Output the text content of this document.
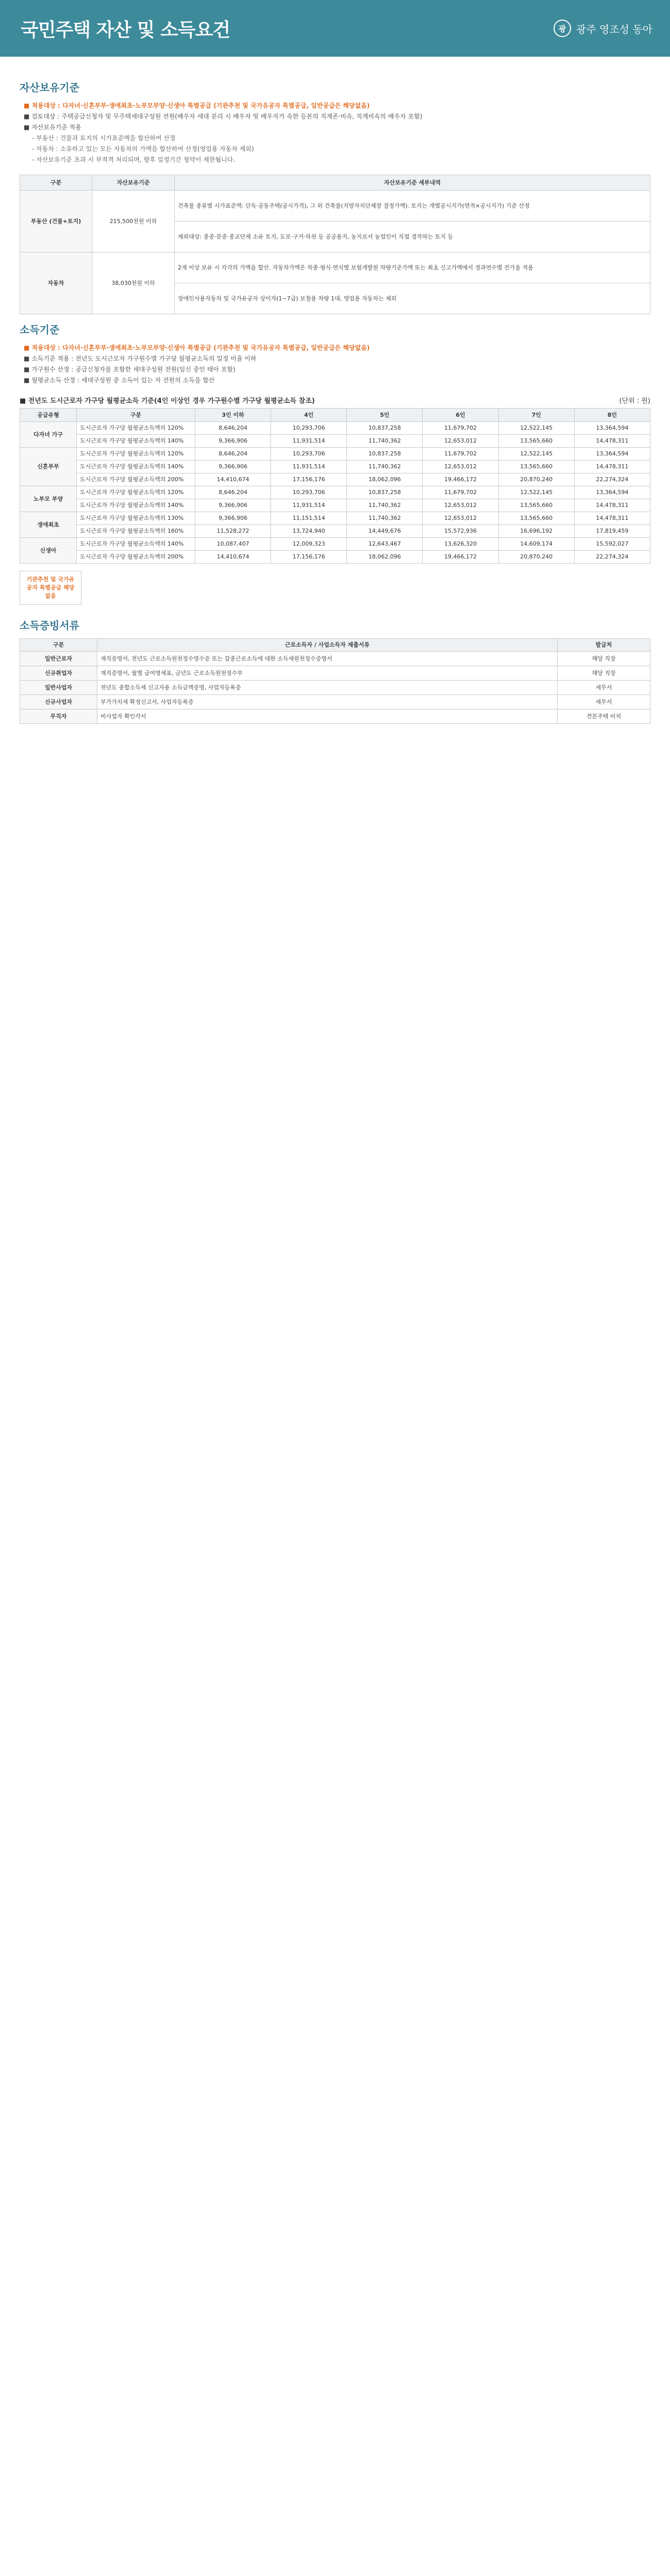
국민주택 자산 및 소득요건	광 광주 영조성 동아
자산보유기준
■ 적용대상 : 다자녀·신혼부부·생애최초·노부모부양·신생아 특별공급 (기관추천 및 국가유공자 특별공급, 일반공급은 해당없음)
■ 검토대상 : 주택공급신청자 및 무주택세대구성원 전원(배우자 세대 분리 시 배우자 및 배우자가 속한 등본의 직계존·비속, 직계비속의 배우자 포함)
■ 자산보유기준 적용
- 부동산 : 건물과 토지의 시가표준액을 합산하여 산정
- 자동차 : 소유하고 있는 모든 자동차의 가액을 합산하여 산정(영업용 자동차 제외)
- 자산보유기준 초과 시 부적격 처리되며, 향후 일정기간 청약이 제한됩니다.
구분	자산보유기준	자산보유기준 세부내역
부동산 (건물+토지)	215,500천원 이하	건축물 종류별 시가표준액: 단독·공동주택(공시가격), 그 외 건축물(지방자치단체장 결정가액). 토지는 개별공시지가(면적×공시지가) 기준 산정
		제외대상: 종중·문중·종교단체 소유 토지, 도로·구거·하천 등 공공용지, 농지로서 농업인이 직접 경작하는 토지 등
자동차	38,030천원 이하	2개 이상 보유 시 각각의 가액을 합산. 자동차가액은 차종·형식·연식별 보험개발원 차량기준가액 또는 최초 신고가액에서 경과연수별 잔가율 적용
		장애인사용자동차 및 국가유공자 상이자(1~7급) 보철용 차량 1대, 영업용 자동차는 제외
소득기준
■ 적용대상 : 다자녀·신혼부부·생애최초·노부모부양·신생아 특별공급 (기관추천 및 국가유공자 특별공급, 일반공급은 해당없음)
■ 소득기준 적용 : 전년도 도시근로자 가구원수별 가구당 월평균소득의 일정 비율 이하
■ 가구원수 산정 : 공급신청자를 포함한 세대구성원 전원(임신 중인 태아 포함)
■ 월평균소득 산정 : 세대구성원 중 소득이 있는 자 전원의 소득을 합산
■ 전년도 도시근로자 가구당 월평균소득 기준(4인 이상인 경우 가구원수별 가구당 월평균소득 참조)	(단위 : 원)
공급유형	구분	3인 이하	4인	5인	6인	7인	8인
다자녀 가구	도시근로자 가구당 월평균소득액의 120%	8,646,204	10,293,706	10,837,258	11,679,702	12,522,145	13,364,594
	도시근로자 가구당 월평균소득액의 140%	9,366,906	11,931,514	11,740,362	12,653,012	13,565,660	14,478,311
신혼부부	도시근로자 가구당 월평균소득액의 120%	8,646,204	10,293,706	10,837,258	11,679,702	12,522,145	13,364,594
	도시근로자 가구당 월평균소득액의 140%	9,366,906	11,931,514	11,740,362	12,653,012	13,565,660	14,478,311
	도시근로자 가구당 월평균소득액의 200%	14,410,674	17,156,176	18,062,096	19,466,172	20,870,240	22,274,324
노부모 부양	도시근로자 가구당 월평균소득액의 120%	8,646,204	10,293,706	10,837,258	11,679,702	12,522,145	13,364,594
	도시근로자 가구당 월평균소득액의 140%	9,366,906	11,931,514	11,740,362	12,653,012	13,565,660	14,478,311
생애최초	도시근로자 가구당 월평균소득액의 130%	9,366,906	11,151,514	11,740,362	12,653,012	13,565,660	14,478,311
	도시근로자 가구당 월평균소득액의 160%	11,528,272	13,724,940	14,449,676	15,572,936	16,696,192	17,819,459
신생아	도시근로자 가구당 월평균소득액의 140%	10,087,407	12,009,323	12,643,467	13,626,320	14,609,174	15,592,027
	도시근로자 가구당 월평균소득액의 200%	14,410,674	17,156,176	18,062,096	19,466,172	20,870,240	22,274,324
기관추천 및 국가유공자 특별공급 해당없음
소득증빙서류
구분	근로소득자 / 사업소득자 제출서류	발급처
일반근로자	재직증명서, 전년도 근로소득원천징수영수증 또는 갑종근로소득에 대한 소득세원천징수증명서	해당 직장
신규취업자	재직증명서, 월별 급여명세표, 금년도 근로소득원천징수부	해당 직장
일반사업자	전년도 종합소득세 신고자용 소득금액증명, 사업자등록증	세무서
신규사업자	부가가치세 확정신고서, 사업자등록증	세무서
무직자	비사업자 확인각서	견본주택 비치
